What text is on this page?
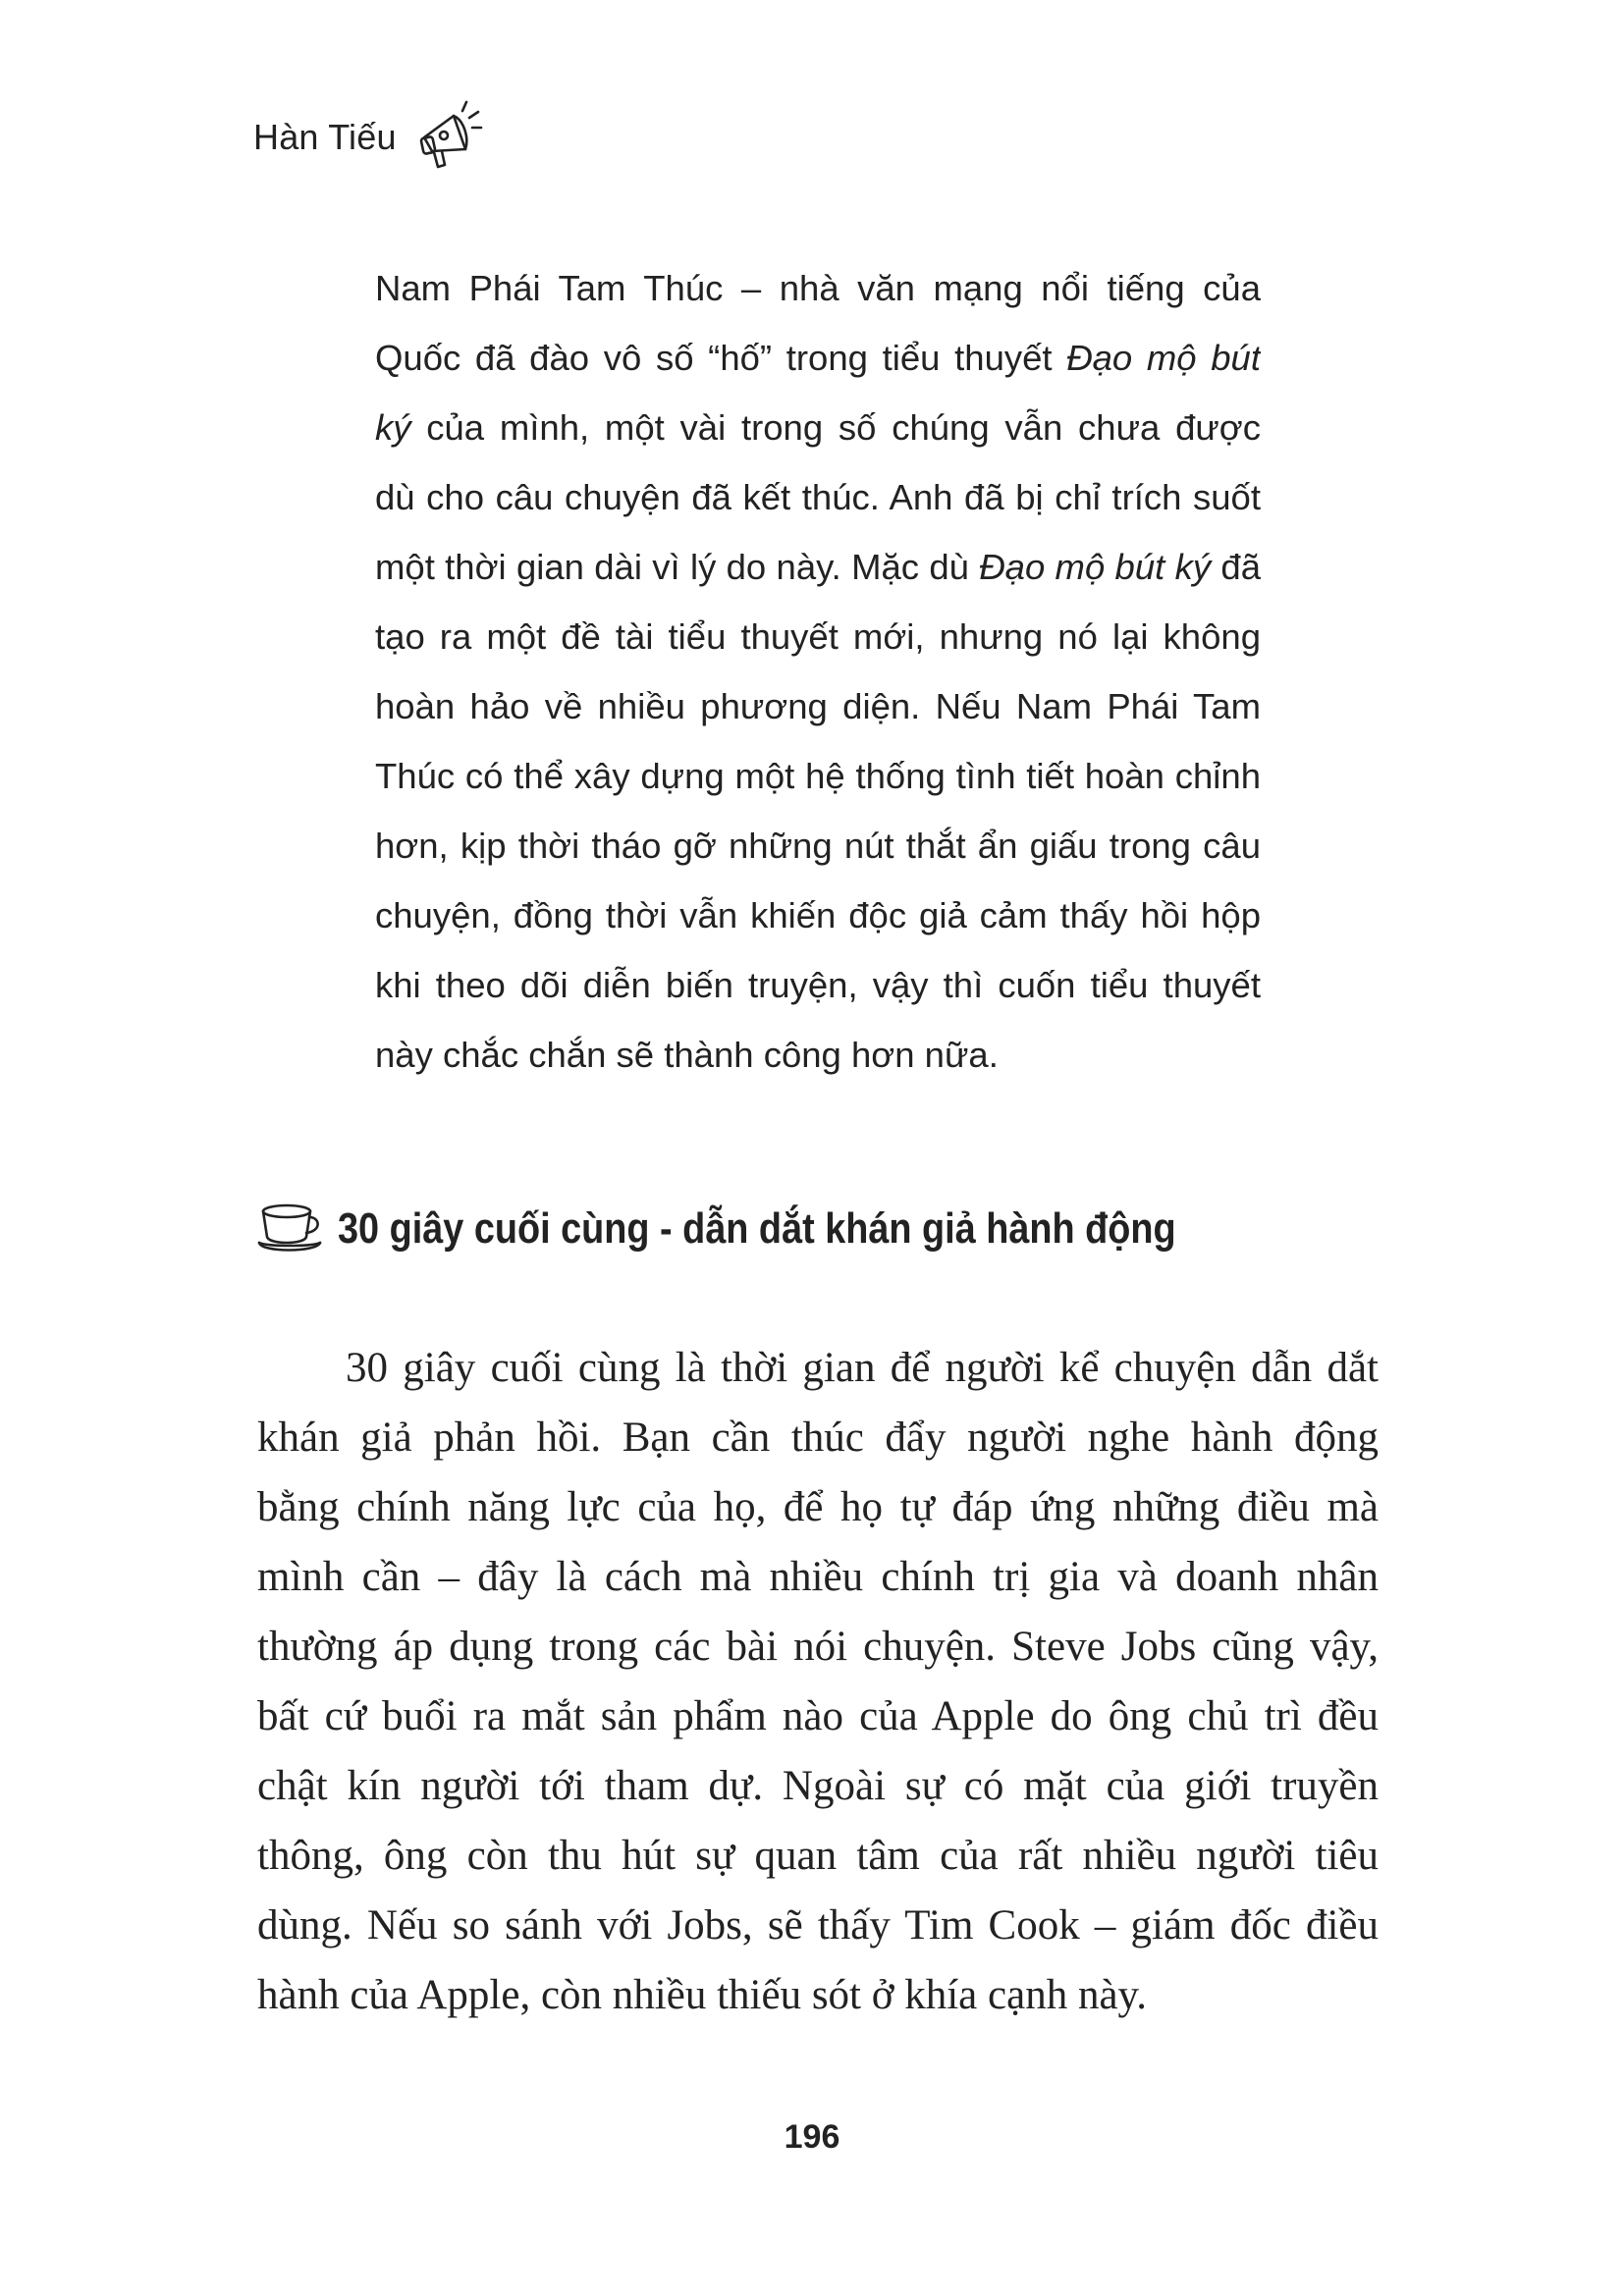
Hàn Tiếu
Nam Phái Tam Thúc – nhà văn mạng nổi tiếng của
Quốc đã đào vô số “hố” trong tiểu thuyết Đạo mộ bút
ký của mình, một vài trong số chúng vẫn chưa được
dù cho câu chuyện đã kết thúc. Anh đã bị chỉ trích suốt
một thời gian dài vì lý do này. Mặc dù Đạo mộ bút ký đã
tạo ra một đề tài tiểu thuyết mới, nhưng nó lại không
hoàn hảo về nhiều phương diện. Nếu Nam Phái Tam
Thúc có thể xây dựng một hệ thống tình tiết hoàn chỉnh
hơn, kịp thời tháo gỡ những nút thắt ẩn giấu trong câu
chuyện, đồng thời vẫn khiến độc giả cảm thấy hồi hộp
khi theo dõi diễn biến truyện, vậy thì cuốn tiểu thuyết
này chắc chắn sẽ thành công hơn nữa.
30 giây cuối cùng - dẫn dắt khán giả hành động
30 giây cuối cùng là thời gian để người kể chuyện dẫn dắt
khán giả phản hồi. Bạn cần thúc đẩy người nghe hành động
bằng chính năng lực của họ, để họ tự đáp ứng những điều mà
mình cần – đây là cách mà nhiều chính trị gia và doanh nhân
thường áp dụng trong các bài nói chuyện. Steve Jobs cũng vậy,
bất cứ buổi ra mắt sản phẩm nào của Apple do ông chủ trì đều
chật kín người tới tham dự. Ngoài sự có mặt của giới truyền
thông, ông còn thu hút sự quan tâm của rất nhiều người tiêu
dùng. Nếu so sánh với Jobs, sẽ thấy Tim Cook – giám đốc điều
hành của Apple, còn nhiều thiếu sót ở khía cạnh này.
196
